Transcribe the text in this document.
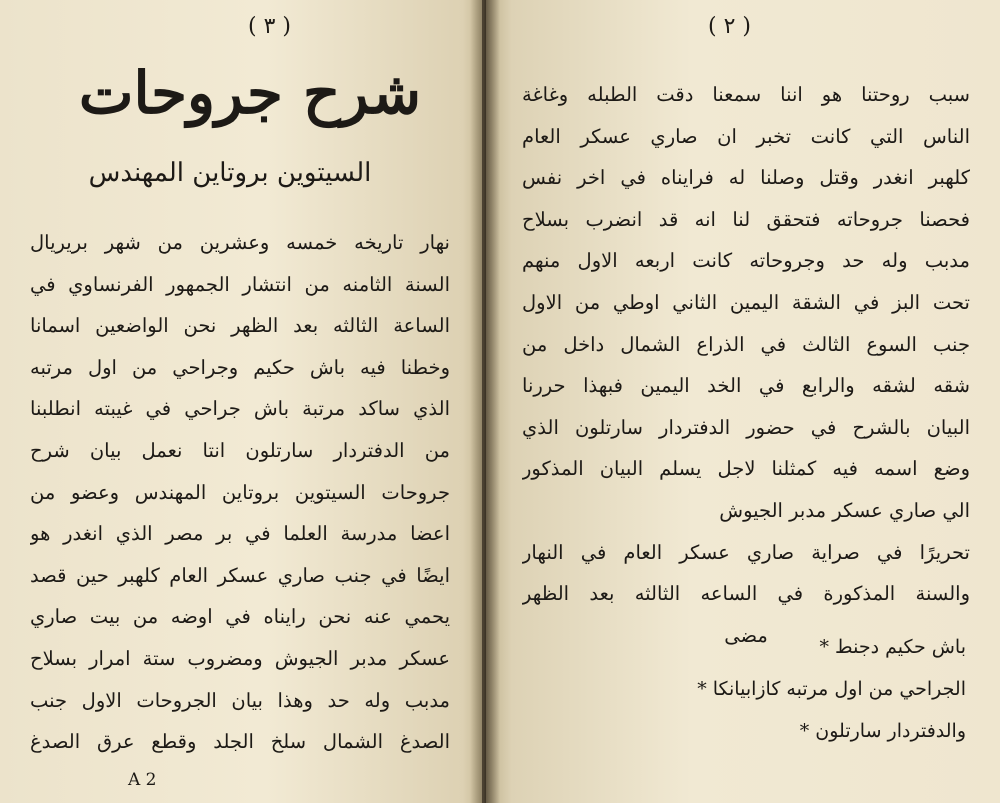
( ٣ )
شرح جروحات
السيتوين بروتاين المهندس
نهار تاريخه خمسه وعشرين من شهر بريريال
السنة الثامنه من انتشار الجمهور الفرنساوي في
الساعة الثالثه بعد الظهر نحن الواضعين اسمانا
وخطنا فيه باش حكيم وجراحي من اول مرتبه
الذي ساكد مرتبة باش جراحي في غيبته انطلبنا
من الدفتردار سارتلون انتا نعمل بيان شرح
جروحات السيتوين بروتاين المهندس وعضو من
اعضا مدرسة العلما في بر مصر الذي انغدر هو
ايضًا في جنب صاري عسكر العام كلهبر حين قصد
يحمي عنه نحن رايناه في اوضه من بيت صاري
عسكر مدبر الجيوش ومضروب ستة امرار بسلاح
مدبب وله حد وهذا بيان الجروحات الاول جنب
الصدغ الشمال سلخ الجلد وقطع عرق الصدغ
A 2
( ٢ )
سبب روحتنا هو اننا سمعنا دقت الطبله وغاغة
الناس التي كانت تخبر ان صاري عسكر العام
كلهبر انغدر وقتل وصلنا له فرايناه في اخر نفس
فحصنا جروحاته فتحقق لنا انه قد انضرب بسلاح
مدبب وله حد وجروحاته كانت اربعه الاول منهم
تحت البز في الشقة اليمين الثاني اوطي من الاول
جنب السوع الثالث في الذراع الشمال داخل من
شقه لشقه والرابع في الخد اليمين فبهذا حررنا
البيان بالشرح في حضور الدفتردار سارتلون الذي
وضع اسمه فيه كمثلنا لاجل يسلم البيان المذكور
الي صاري عسكر مدبر الجيوش
تحريرًا في صراية صاري عسكر العام في النهار
والسنة المذكورة في الساعه الثالثه بعد الظهر
مضى
باش حكيم دجنط *
الجراحي من اول مرتبه كازابيانكا *
والدفتردار سارتلون *
